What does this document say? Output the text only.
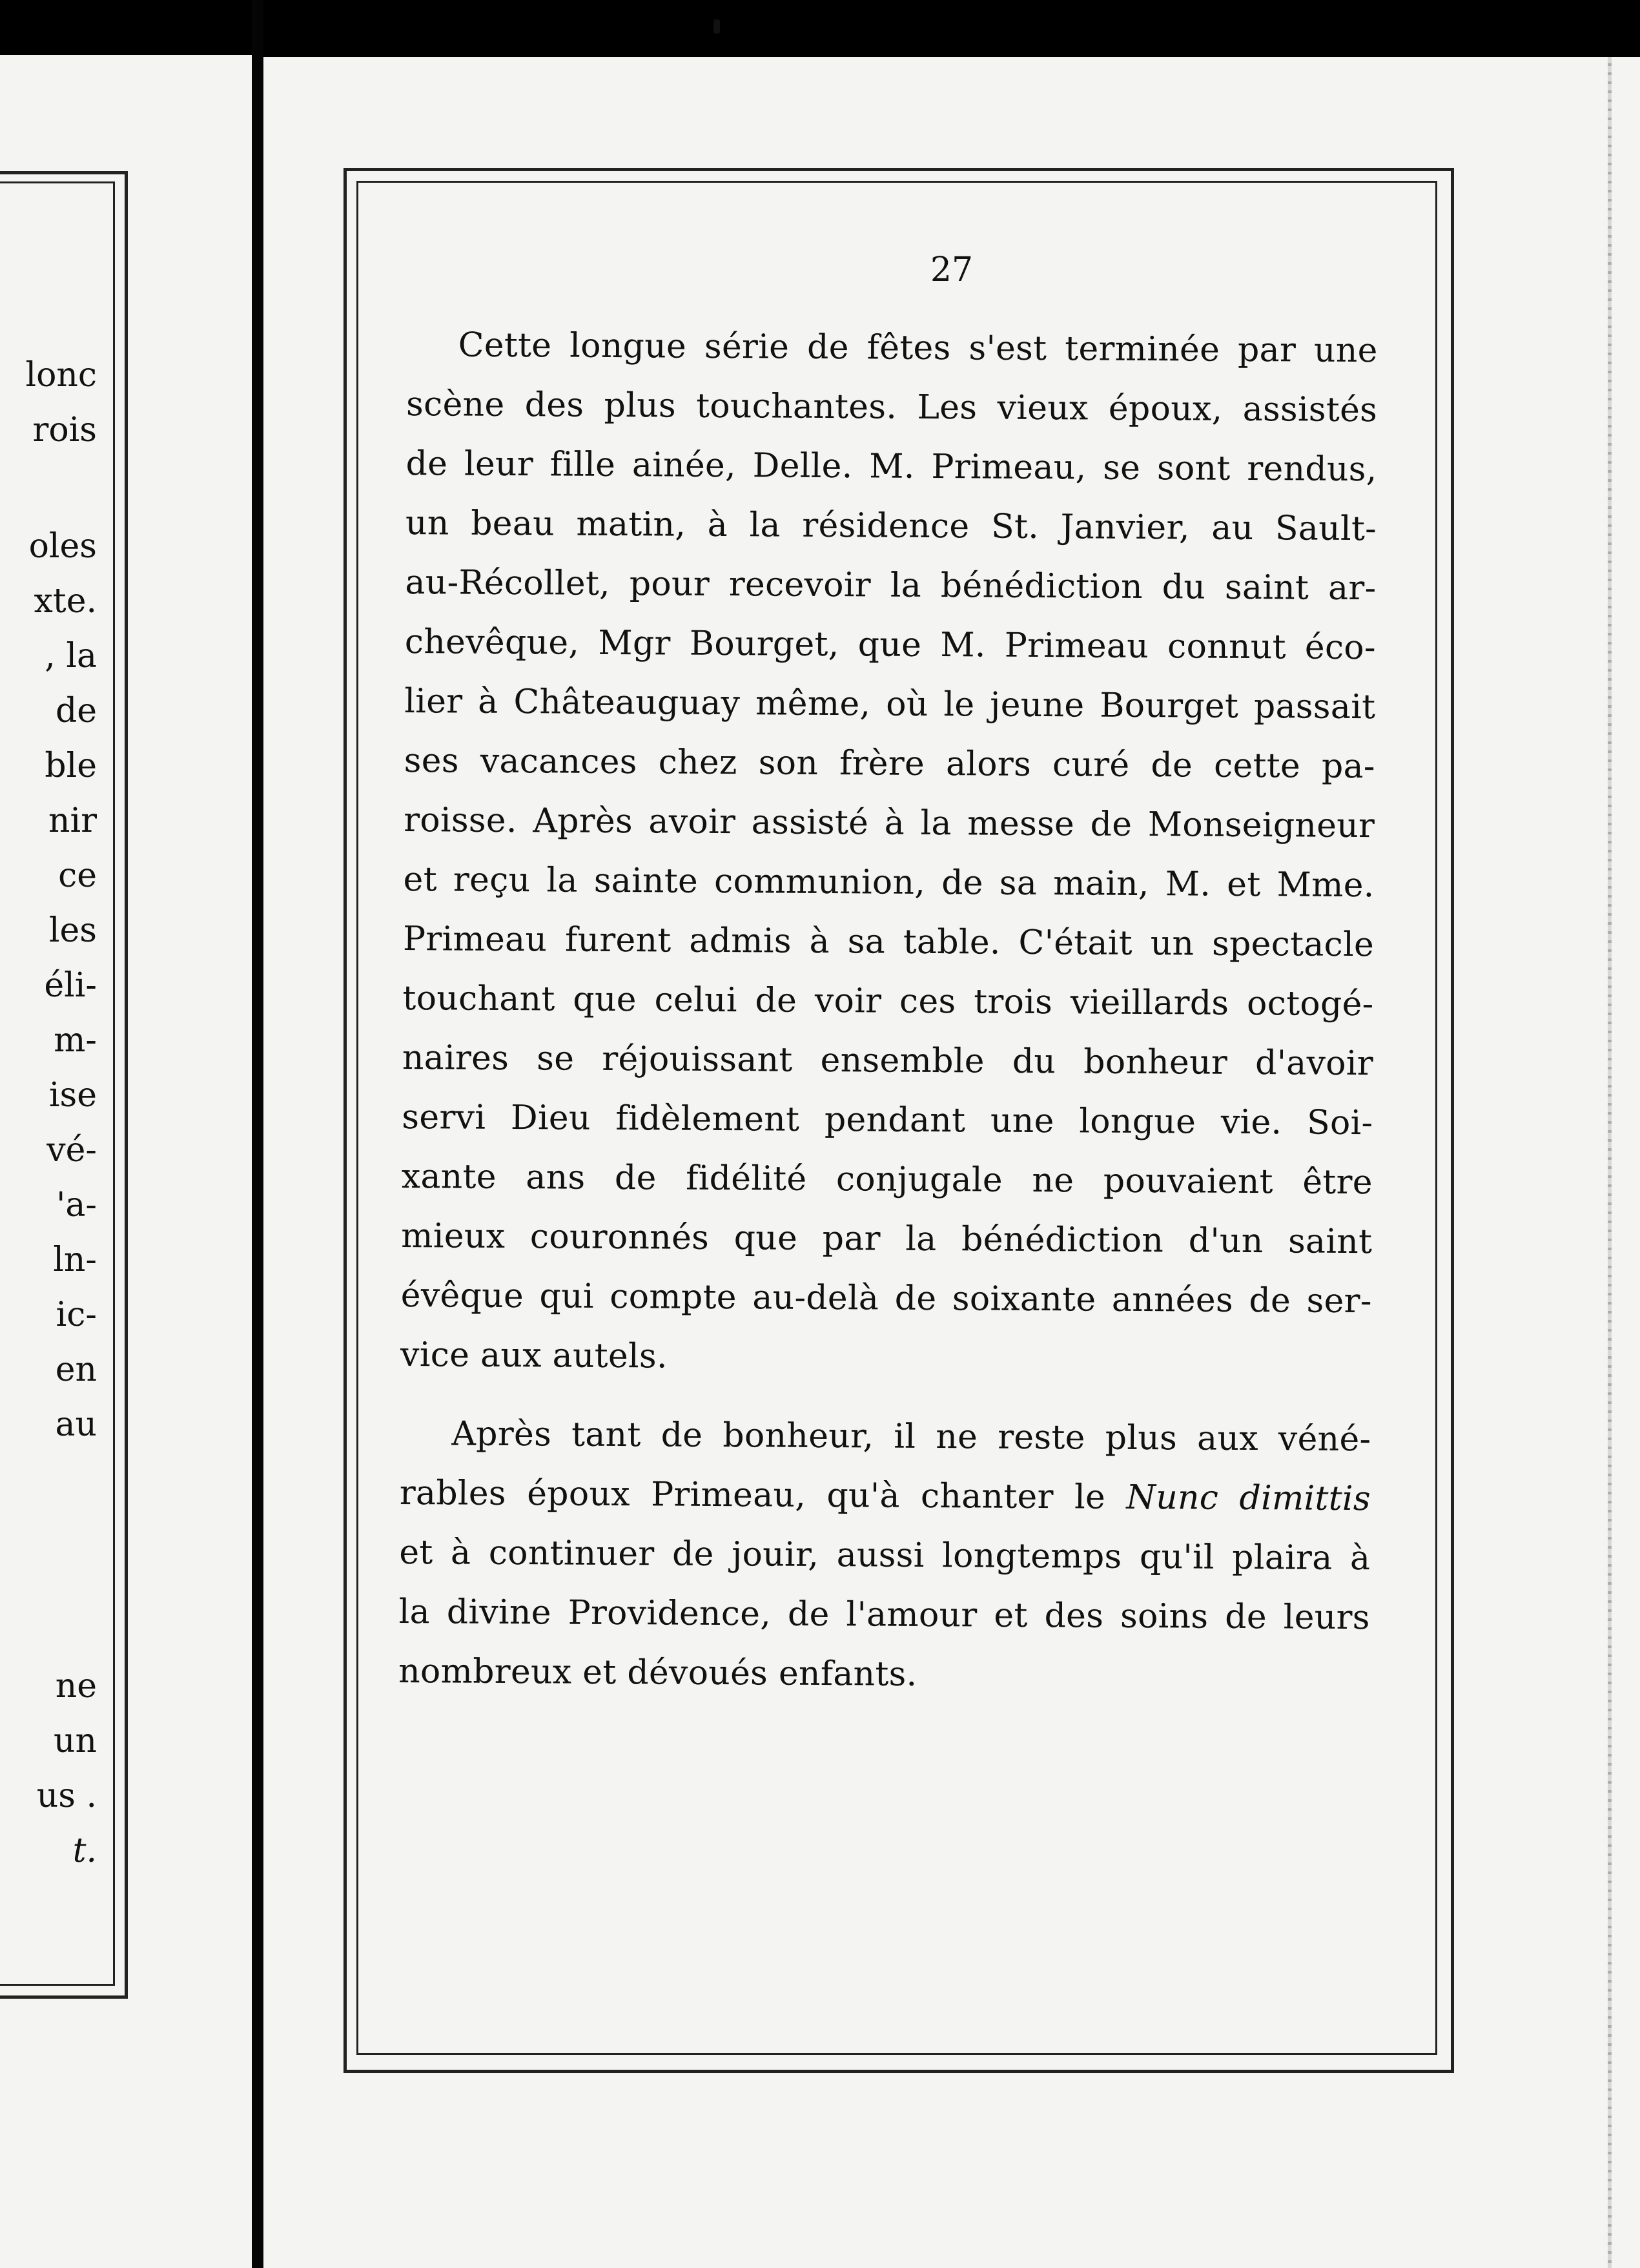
lonc
rois
oles
xte.
, la
de
ble
nir
ce
les
éli-
m-
ise
vé-
'a-
ln-
ic-
en
au
ne
un
us .
t.
27
Cette longue série de fêtes s'est terminée par une
scène des plus touchantes. Les vieux époux, assistés
de leur fille ainée, Delle. M. Primeau, se sont rendus,
un beau matin, à la résidence St. Janvier, au Sault-
au-Récollet, pour recevoir la bénédiction du saint ar-
chevêque, Mgr Bourget, que M. Primeau connut éco-
lier à Châteauguay même, où le jeune Bourget passait
ses vacances chez son frère alors curé de cette pa-
roisse. Après avoir assisté à la messe de Monseigneur
et reçu la sainte communion, de sa main, M. et Mme.
Primeau furent admis à sa table. C'était un spectacle
touchant que celui de voir ces trois vieillards octogé-
naires se réjouissant ensemble du bonheur d'avoir
servi Dieu fidèlement pendant une longue vie. Soi-
xante ans de fidélité conjugale ne pouvaient être
mieux couronnés que par la bénédiction d'un saint
évêque qui compte au-delà de soixante années de ser-
vice aux autels.
Après tant de bonheur, il ne reste plus aux véné-
rables époux Primeau, qu'à chanter le Nunc dimittis
et à continuer de jouir, aussi longtemps qu'il plaira à
la divine Providence, de l'amour et des soins de leurs
nombreux et dévoués enfants.
